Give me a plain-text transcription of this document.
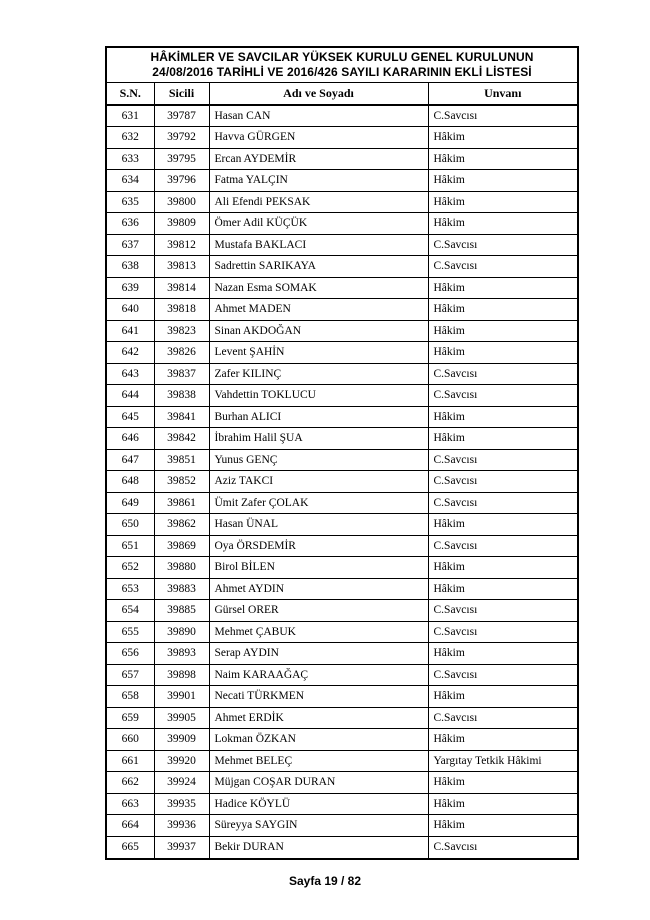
HÂKİMLER VE SAVCILAR YÜKSEK KURULU GENEL KURULUNUN
24/08/2016 TARİHLİ VE 2016/426 SAYILI KARARININ EKLİ LİSTESİ
S.N.	Sicili	Adı ve Soyadı	Unvanı
631	39787	Hasan CAN	C.Savcısı
632	39792	Havva GÜRGEN	Hâkim
633	39795	Ercan AYDEMİR	Hâkim
634	39796	Fatma YALÇIN	Hâkim
635	39800	Ali Efendi PEKSAK	Hâkim
636	39809	Ömer Adil KÜÇÜK	Hâkim
637	39812	Mustafa BAKLACI	C.Savcısı
638	39813	Sadrettin SARIKAYA	C.Savcısı
639	39814	Nazan Esma SOMAK	Hâkim
640	39818	Ahmet MADEN	Hâkim
641	39823	Sinan AKDOĞAN	Hâkim
642	39826	Levent ŞAHİN	Hâkim
643	39837	Zafer KILINÇ	C.Savcısı
644	39838	Vahdettin TOKLUCU	C.Savcısı
645	39841	Burhan ALICI	Hâkim
646	39842	İbrahim Halil ŞUA	Hâkim
647	39851	Yunus GENÇ	C.Savcısı
648	39852	Aziz TAKCI	C.Savcısı
649	39861	Ümit Zafer ÇOLAK	C.Savcısı
650	39862	Hasan ÜNAL	Hâkim
651	39869	Oya ÖRSDEMİR	C.Savcısı
652	39880	Birol BİLEN	Hâkim
653	39883	Ahmet AYDIN	Hâkim
654	39885	Gürsel ORER	C.Savcısı
655	39890	Mehmet ÇABUK	C.Savcısı
656	39893	Serap AYDIN	Hâkim
657	39898	Naim KARAAĞAÇ	C.Savcısı
658	39901	Necati TÜRKMEN	Hâkim
659	39905	Ahmet ERDİK	C.Savcısı
660	39909	Lokman ÖZKAN	Hâkim
661	39920	Mehmet BELEÇ	Yargıtay Tetkik Hâkimi
662	39924	Müjgan COŞAR DURAN	Hâkim
663	39935	Hadice KÖYLÜ	Hâkim
664	39936	Süreyya SAYGIN	Hâkim
665	39937	Bekir DURAN	C.Savcısı
Sayfa 19 / 82
